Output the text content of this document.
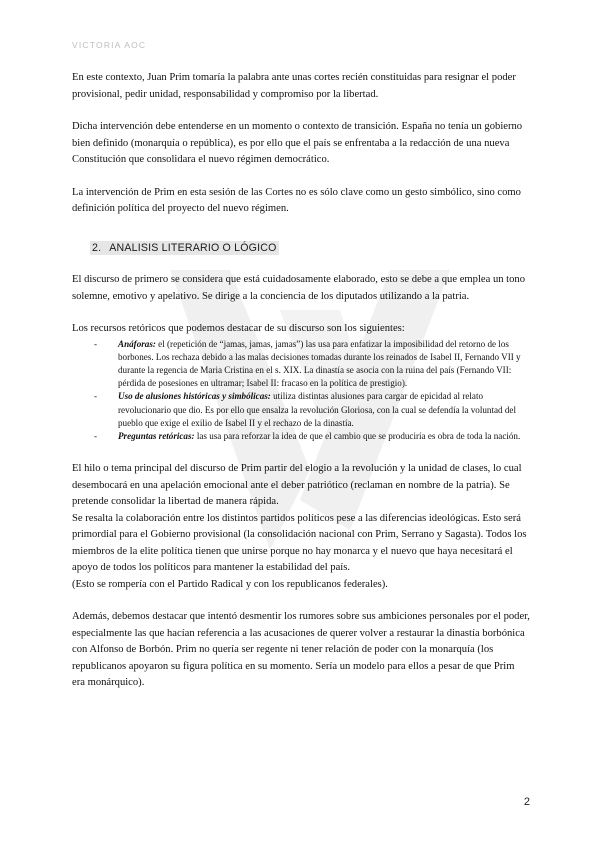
VICTORIA AOC

En este contexto, Juan Prim tomaría la palabra ante unas cortes recién constituidas para resignar el poder provisional, pedir unidad, responsabilidad y compromiso por la libertad.

Dicha intervención debe entenderse en un momento o contexto de transición. España no tenía un gobierno bien definido (monarquía o república), es por ello que el país se enfrentaba a la redacción de una nueva Constitución que consolidara el nuevo régimen democrático.

La intervención de Prim en esta sesión de las Cortes no es sólo clave como un gesto simbólico, sino como definición política del proyecto del nuevo régimen.

2. ANALISIS LITERARIO O LÓGICO

El discurso de primero se considera que está cuidadosamente elaborado, esto se debe a que emplea un tono solemne, emotivo y apelativo. Se dirige a la conciencia de los diputados utilizando a la patria.

Los recursos retóricos que podemos destacar de su discurso son los siguientes:

- Anáforas: el (repetición de “jamas, jamas, jamas”) las usa para enfatizar la imposibilidad del retorno de los borbones. Los rechaza debido a las malas decisiones tomadas durante los reinados de Isabel II, Fernando VII y durante la regencia de Maria Cristina en el s. XIX. La dinastía se asocia con la ruina del país (Fernando VII: pérdida de posesiones en ultramar; Isabel II: fracaso en la política de prestigio).
- Uso de alusiones históricas y simbólicas: utiliza distintas alusiones para cargar de epicidad al relato revolucionario que dio. Es por ello que ensalza la revolución Gloriosa, con la cual se defendía la voluntad del pueblo que exige el exilio de Isabel II y el rechazo de la dinastía.
- Preguntas retóricas: las usa para reforzar la idea de que el cambio que se produciría es obra de toda la nación.

El hilo o tema principal del discurso de Prim partir del elogio a la revolución y la unidad de clases, lo cual desembocará en una apelación emocional ante el deber patriótico (reclaman en nombre de la patria). Se pretende consolidar la libertad de manera rápida.

Se resalta la colaboración entre los distintos partidos políticos pese a las diferencias ideológicas. Esto será primordial para el Gobierno provisional (la consolidación nacional con Prim, Serrano y Sagasta). Todos los miembros de la elite política tienen que unirse porque no hay monarca y el nuevo que haya necesitará el apoyo de todos los políticos para mantener la estabilidad del país.

(Esto se rompería con el Partido Radical y con los republicanos federales).

Además, debemos destacar que intentó desmentir los rumores sobre sus ambiciones personales por el poder, especialmente las que hacían referencia a las acusaciones de querer volver a restaurar la dinastía borbónica con Alfonso de Borbón. Prim no quería ser regente ni tener relación de poder con la monarquía (los republicanos apoyaron su figura política en su momento. Sería un modelo para ellos a pesar de que Prim era monárquico).

2
